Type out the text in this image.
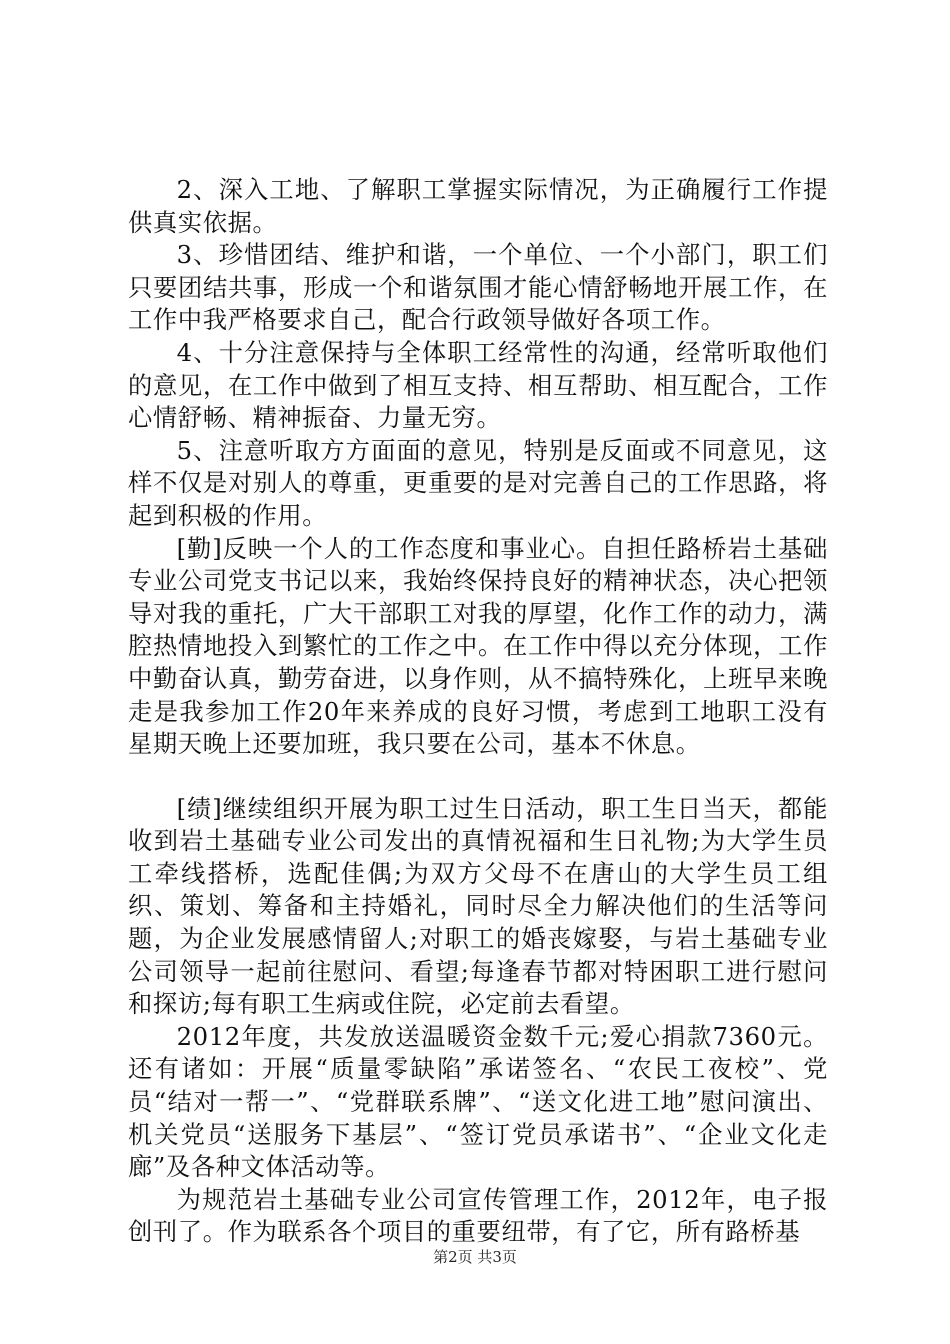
2、深入工地、了解职工掌握实际情况，为正确履行工作提供真实依据。

3、珍惜团结、维护和谐，一个单位、一个小部门，职工们只要团结共事，形成一个和谐氛围才能心情舒畅地开展工作，在工作中我严格要求自己，配合行政领导做好各项工作。

4、十分注意保持与全体职工经常性的沟通，经常听取他们的意见，在工作中做到了相互支持、相互帮助、相互配合，工作心情舒畅、精神振奋、力量无穷。

5、注意听取方方面面的意见，特别是反面或不同意见，这样不仅是对别人的尊重，更重要的是对完善自己的工作思路，将起到积极的作用。

[勤]反映一个人的工作态度和事业心。自担任路桥岩土基础专业公司党支书记以来，我始终保持良好的精神状态，决心把领导对我的重托，广大干部职工对我的厚望，化作工作的动力，满腔热情地投入到繁忙的工作之中。在工作中得以充分体现，工作中勤奋认真，勤劳奋进，以身作则，从不搞特殊化，上班早来晚走是我参加工作20年来养成的良好习惯，考虑到工地职工没有星期天晚上还要加班，我只要在公司，基本不休息。

[绩]继续组织开展为职工过生日活动，职工生日当天，都能收到岩土基础专业公司发出的真情祝福和生日礼物;为大学生员工牵线搭桥，选配佳偶;为双方父母不在唐山的大学生员工组织、策划、筹备和主持婚礼，同时尽全力解决他们的生活等问题，为企业发展感情留人;对职工的婚丧嫁娶，与岩土基础专业公司领导一起前往慰问、看望;每逢春节都对特困职工进行慰问和探访;每有职工生病或住院，必定前去看望。

2012年度，共发放送温暖资金数千元;爱心捐款7360元。还有诸如：开展“质量零缺陷”承诺签名、“农民工夜校”、党员“结对一帮一”、“党群联系牌”、“送文化进工地”慰问演出、机关党员“送服务下基层”、“签订党员承诺书”、“企业文化走廊”及各种文体活动等。

为规范岩土基础专业公司宣传管理工作，2012年，电子报创刊了。作为联系各个项目的重要纽带，有了它，所有路桥基

第2页 共3页
